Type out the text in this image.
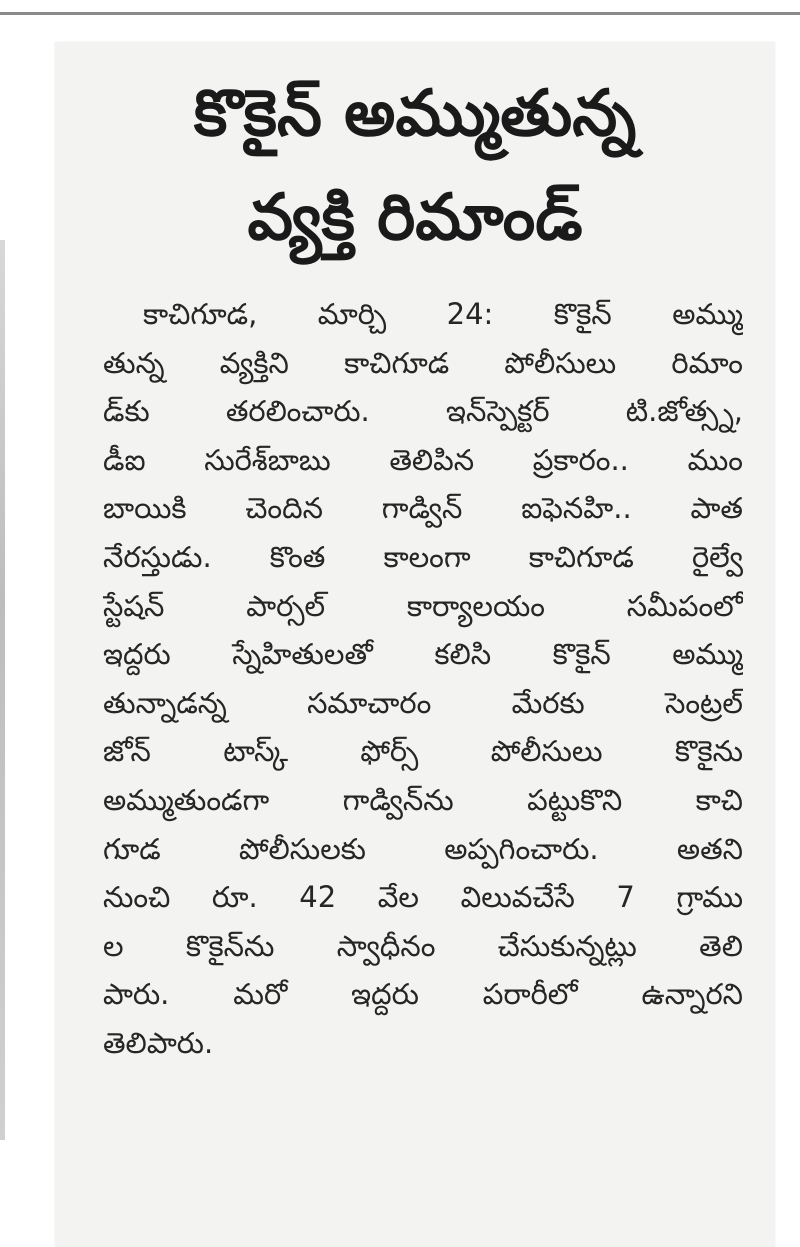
కొకైన్ అమ్ముతున్న
వ్యక్తి రిమాండ్
కాచిగూడ, మార్చి 24: కొకైన్ అమ్ము
తున్న వ్యక్తిని కాచిగూడ పోలీసులు రిమాం
డ్‌కు తరలించారు. ఇన్‌స్పెక్టర్ టి.జోత్స్న,
డీఐ సురేశ్‌బాబు తెలిపిన ప్రకారం.. ముం
బాయికి చెందిన గాడ్విన్ ఐఫెనహి.. పాత
నేరస్తుడు. కొంత కాలంగా కాచిగూడ రైల్వే
స్టేషన్ పార్సల్ కార్యాలయం సమీపంలో
ఇద్దరు స్నేహితులతో కలిసి కొకైన్ అమ్ము
తున్నాడన్న సమాచారం మేరకు సెంట్రల్
జోన్ టాస్క్ ఫోర్స్ పోలీసులు కొకైను
అమ్ముతుండగా గాడ్విన్‌ను పట్టుకొని కాచి
గూడ పోలీసులకు అప్పగించారు. అతని
నుంచి రూ. 42 వేల విలువచేసే 7 గ్రాము
ల కొకైన్‌ను స్వాధీనం చేసుకున్నట్లు తెలి
పారు. మరో ఇద్దరు పరారీలో ఉన్నారని
తెలిపారు.
